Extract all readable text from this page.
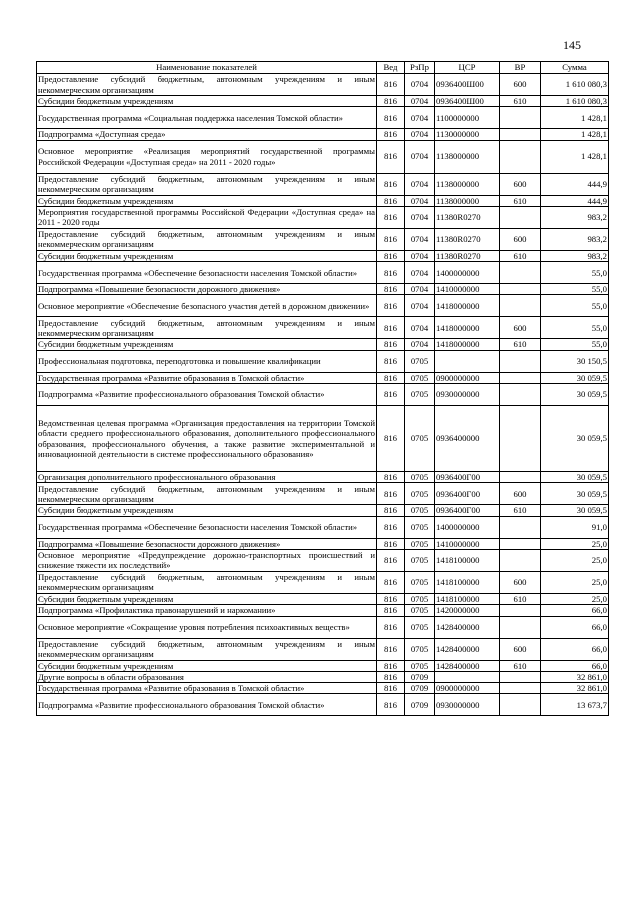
145
Наименование показателей	Вед	РзПр	ЦСР	ВР	Сумма
Предоставление субсидий бюджетным, автономным учреждениям и иным некоммерческим организациям	816	0704	0936400Ш00	600	1 610 080,3
Субсидии бюджетным учреждениям	816	0704	0936400Ш00	610	1 610 080,3
Государственная программа «Социальная поддержка населения Томской области»	816	0704	1100000000		1 428,1
Подпрограмма «Доступная среда»	816	0704	1130000000		1 428,1
Основное мероприятие «Реализация мероприятий государственной программы Российской Федерации «Доступная среда» на 2011 - 2020 годы»	816	0704	1138000000		1 428,1
Предоставление субсидий бюджетным, автономным учреждениям и иным некоммерческим организациям	816	0704	1138000000	600	444,9
Субсидии бюджетным учреждениям	816	0704	1138000000	610	444,9
Мероприятия государственной программы Российской Федерации «Доступная среда» на 2011 - 2020 годы	816	0704	11380R0270		983,2
Предоставление субсидий бюджетным, автономным учреждениям и иным некоммерческим организациям	816	0704	11380R0270	600	983,2
Субсидии бюджетным учреждениям	816	0704	11380R0270	610	983,2
Государственная программа «Обеспечение безопасности населения Томской области»	816	0704	1400000000		55,0
Подпрограмма «Повышение безопасности дорожного движения»	816	0704	1410000000		55,0
Основное мероприятие «Обеспечение безопасного участия детей в дорожном движении»	816	0704	1418000000		55,0
Предоставление субсидий бюджетным, автономным учреждениям и иным некоммерческим организациям	816	0704	1418000000	600	55,0
Субсидии бюджетным учреждениям	816	0704	1418000000	610	55,0
Профессиональная подготовка, переподготовка и повышение квалификации	816	0705			30 150,5
Государственная программа «Развитие образования в Томской области»	816	0705	0900000000		30 059,5
Подпрограмма «Развитие профессионального образования Томской области»	816	0705	0930000000		30 059,5
Ведомственная целевая программа «Организация предоставления на территории Томской области среднего профессионального образования, дополнительного профессионального образования, профессионального обучения, а также развитие экспериментальной и инновационной деятельности в системе профессионального образования»	816	0705	0936400000		30 059,5
Организация дополнительного профессионального образования	816	0705	0936400Г00		30 059,5
Предоставление субсидий бюджетным, автономным учреждениям и иным некоммерческим организациям	816	0705	0936400Г00	600	30 059,5
Субсидии бюджетным учреждениям	816	0705	0936400Г00	610	30 059,5
Государственная программа «Обеспечение безопасности населения Томской области»	816	0705	1400000000		91,0
Подпрограмма «Повышение безопасности дорожного движения»	816	0705	1410000000		25,0
Основное мероприятие «Предупреждение дорожно-транспортных происшествий и снижение тяжести их последствий»	816	0705	1418100000		25,0
Предоставление субсидий бюджетным, автономным учреждениям и иным некоммерческим организациям	816	0705	1418100000	600	25,0
Субсидии бюджетным учреждениям	816	0705	1418100000	610	25,0
Подпрограмма «Профилактика правонарушений и наркомании»	816	0705	1420000000		66,0
Основное мероприятие «Сокращение уровня потребления психоактивных веществ»	816	0705	1428400000		66,0
Предоставление субсидий бюджетным, автономным учреждениям и иным некоммерческим организациям	816	0705	1428400000	600	66,0
Субсидии бюджетным учреждениям	816	0705	1428400000	610	66,0
Другие вопросы в области образования	816	0709			32 861,0
Государственная программа «Развитие образования в Томской области»	816	0709	0900000000		32 861,0
Подпрограмма «Развитие профессионального образования Томской области»	816	0709	0930000000		13 673,7
